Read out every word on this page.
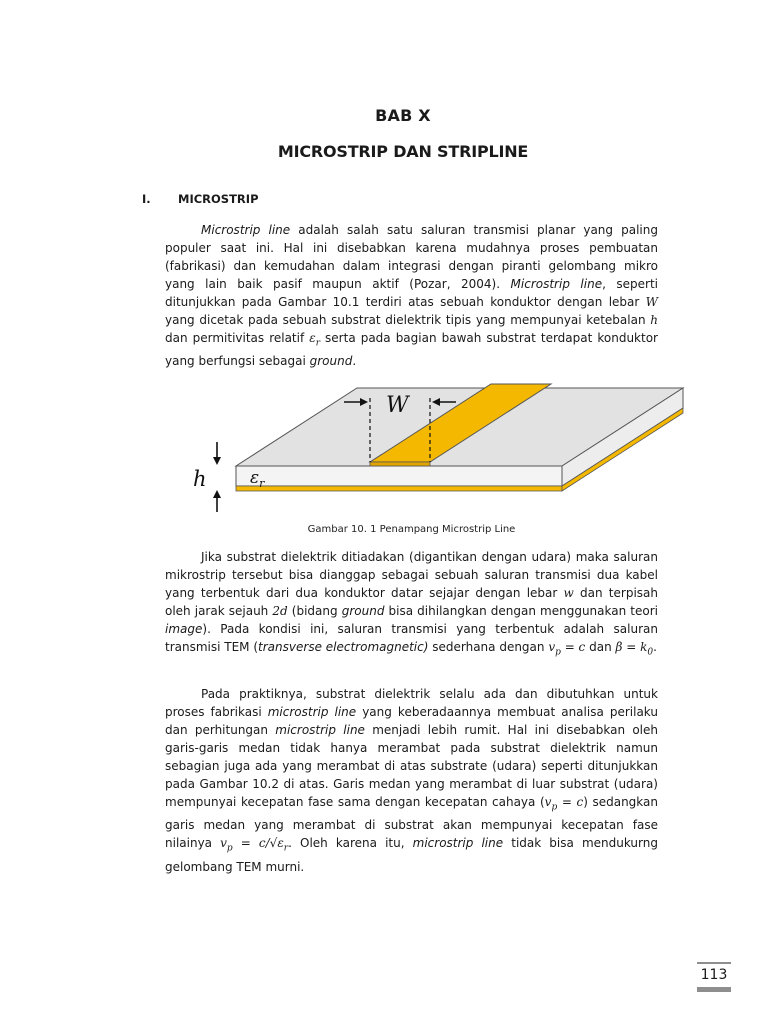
BAB X
MICROSTRIP DAN STRIPLINE
I. MICROSTRIP

Microstrip line adalah salah satu saluran transmisi planar yang paling populer saat ini. Hal ini disebabkan karena mudahnya proses pembuatan (fabrikasi) dan kemudahan dalam integrasi dengan piranti gelombang mikro yang lain baik pasif maupun aktif (Pozar, 2004). Microstrip line, seperti ditunjukkan pada Gambar 10.1 terdiri atas sebuah konduktor dengan lebar W yang dicetak pada sebuah substrat dielektrik tipis yang mempunyai ketebalan h dan permitivitas relatif $\varepsilon_r$ serta pada bagian bawah substrat terdapat konduktor yang berfungsi sebagai ground.

W
h	$\varepsilon_r$
Gambar 10. 1 Penampang Microstrip Line

Jika substrat dielektrik ditiadakan (digantikan dengan udara) maka saluran mikrostrip tersebut bisa dianggap sebagai sebuah saluran transmisi dua kabel yang terbentuk dari dua konduktor datar sejajar dengan lebar w dan terpisah oleh jarak sejauh 2d (bidang ground bisa dihilangkan dengan menggunakan teori image). Pada kondisi ini, saluran transmisi yang terbentuk adalah saluran transmisi TEM (transverse electromagnetic) sederhana dengan $v_p = c$ dan $\beta = k_0$.

Pada praktiknya, substrat dielektrik selalu ada dan dibutuhkan untuk proses fabrikasi microstrip line yang keberadaannya membuat analisa perilaku dan perhitungan microstrip line menjadi lebih rumit. Hal ini disebabkan oleh garis-garis medan tidak hanya merambat pada substrat dielektrik namun sebagian juga ada yang merambat di atas substrate (udara) seperti ditunjukkan pada Gambar 10.2 di atas. Garis medan yang merambat di luar substrat (udara) mempunyai kecepatan fase sama dengan kecepatan cahaya $(v_p = c)$ sedangkan garis medan yang merambat di substrat akan mempunyai kecepatan fase nilainya $v_p = c/√\varepsilon_r$. Oleh karena itu, microstrip line tidak bisa mendukurng gelombang TEM murni.

113
